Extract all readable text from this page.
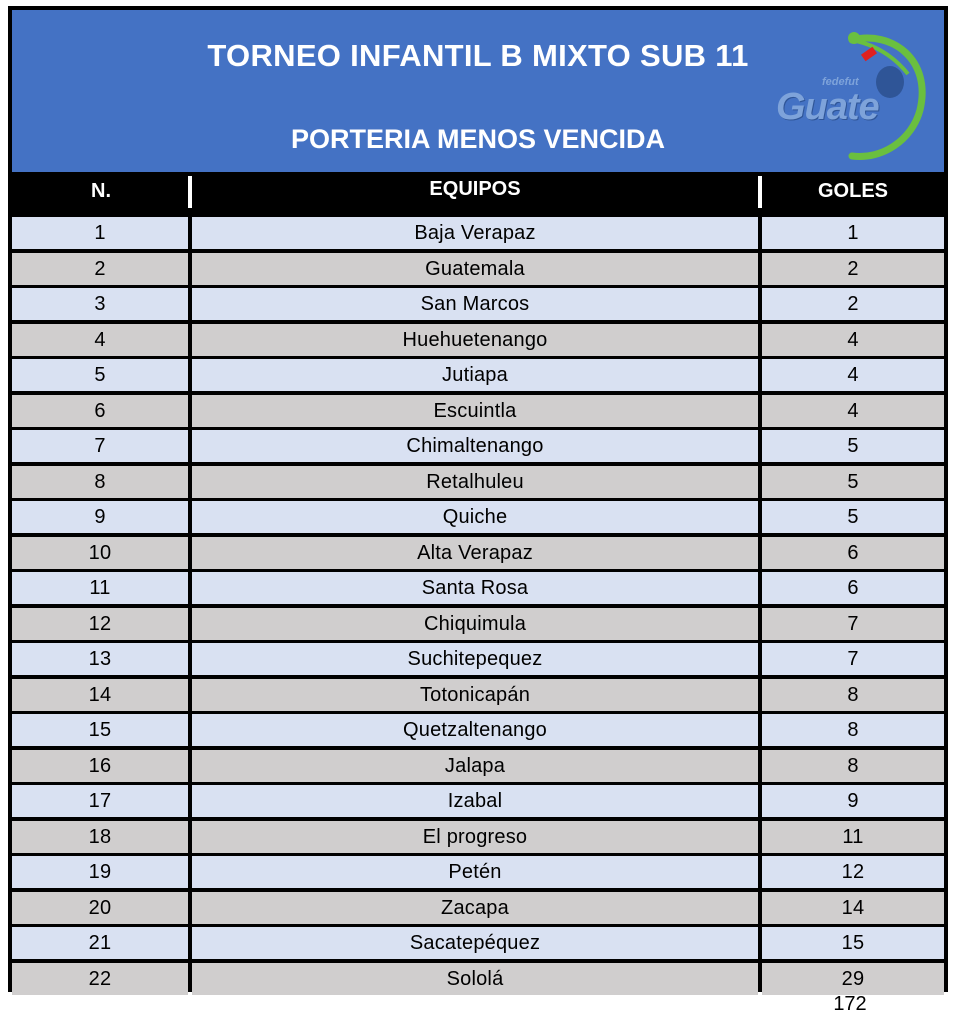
TORNEO INFANTIL B MIXTO SUB 11
PORTERIA MENOS VENCIDA
fedefut
Guate
N.	EQUIPOS	GOLES
1	Baja Verapaz	1
2	Guatemala	2
3	San Marcos	2
4	Huehuetenango	4
5	Jutiapa	4
6	Escuintla	4
7	Chimaltenango	5
8	Retalhuleu	5
9	Quiche	5
10	Alta Verapaz	6
11	Santa Rosa	6
12	Chiquimula	7
13	Suchitepequez	7
14	Totonicapán	8
15	Quetzaltenango	8
16	Jalapa	8
17	Izabal	9
18	El progreso	11
19	Petén	12
20	Zacapa	14
21	Sacatepéquez	15
22	Sololá	29
172
